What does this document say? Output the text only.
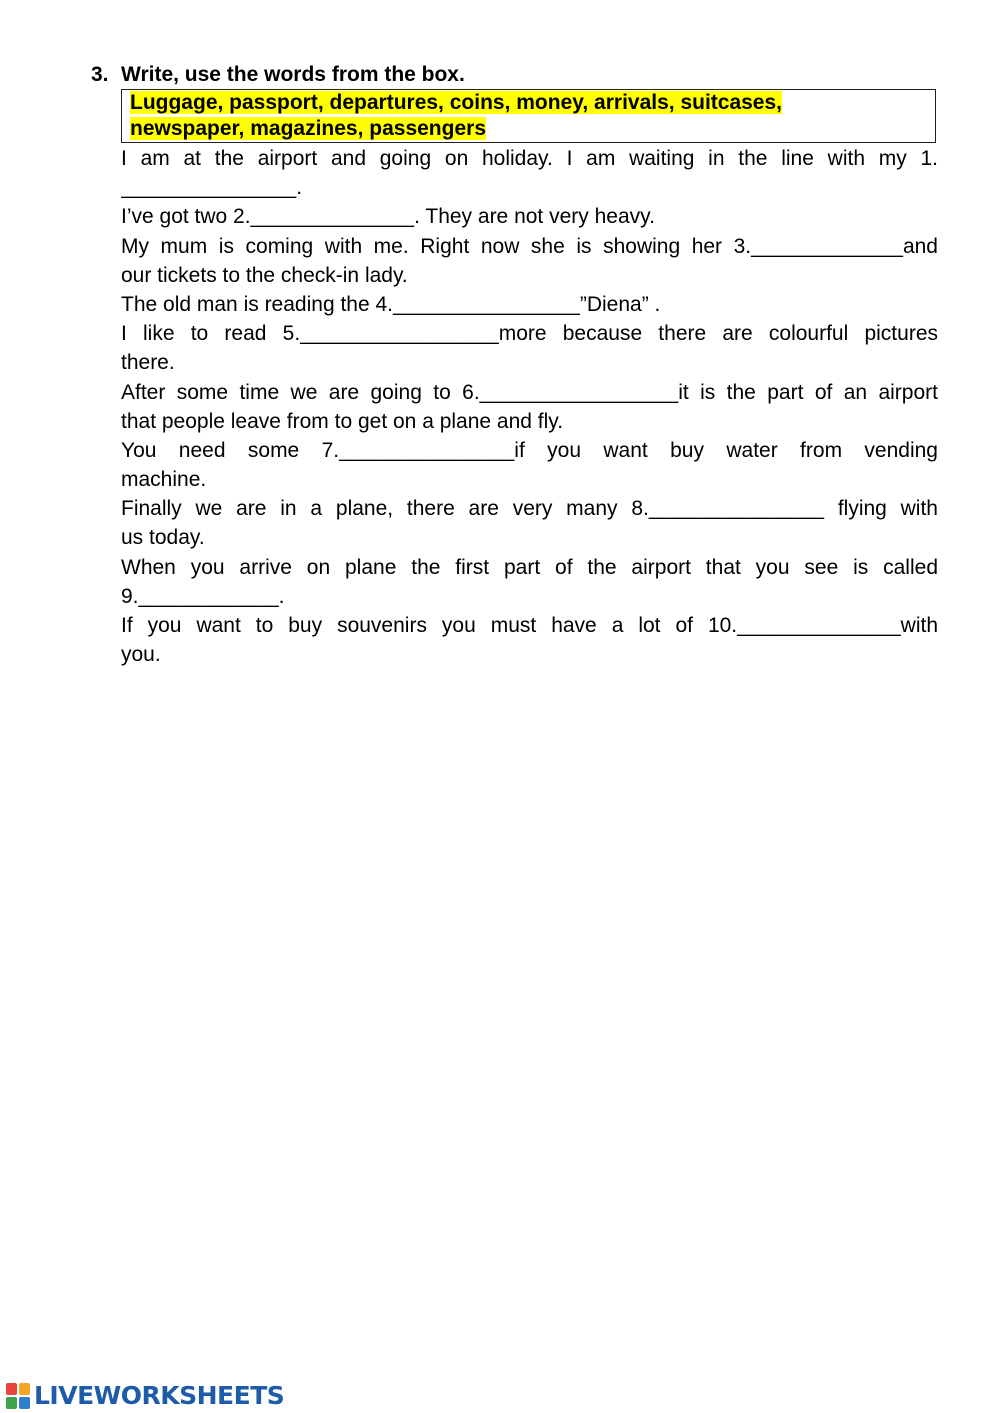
3. Write, use the words from the box.
Luggage, passport, departures, coins, money, arrivals, suitcases,
newspaper, magazines, passengers
I am at the airport and going on holiday. I am waiting in the line with my 1.
_______________.
I’ve got two 2.______________. They are not very heavy.
My mum is coming with me. Right now she is showing her 3._____________and
our tickets to the check-in lady.
The old man is reading the 4.________________”Diena” .
I like to read 5._________________more because there are colourful pictures
there.
After some time we are going to 6._________________it is the part of an airport
that people leave from to get on a plane and fly.
You need some 7._______________if you want buy water from vending
machine.
Finally we are in a plane, there are very many 8._______________ flying with
us today.
When you arrive on plane the first part of the airport that you see is called
9.____________.
If you want to buy souvenirs you must have a lot of 10.______________with
you.
LIVEWORKSHEETS
